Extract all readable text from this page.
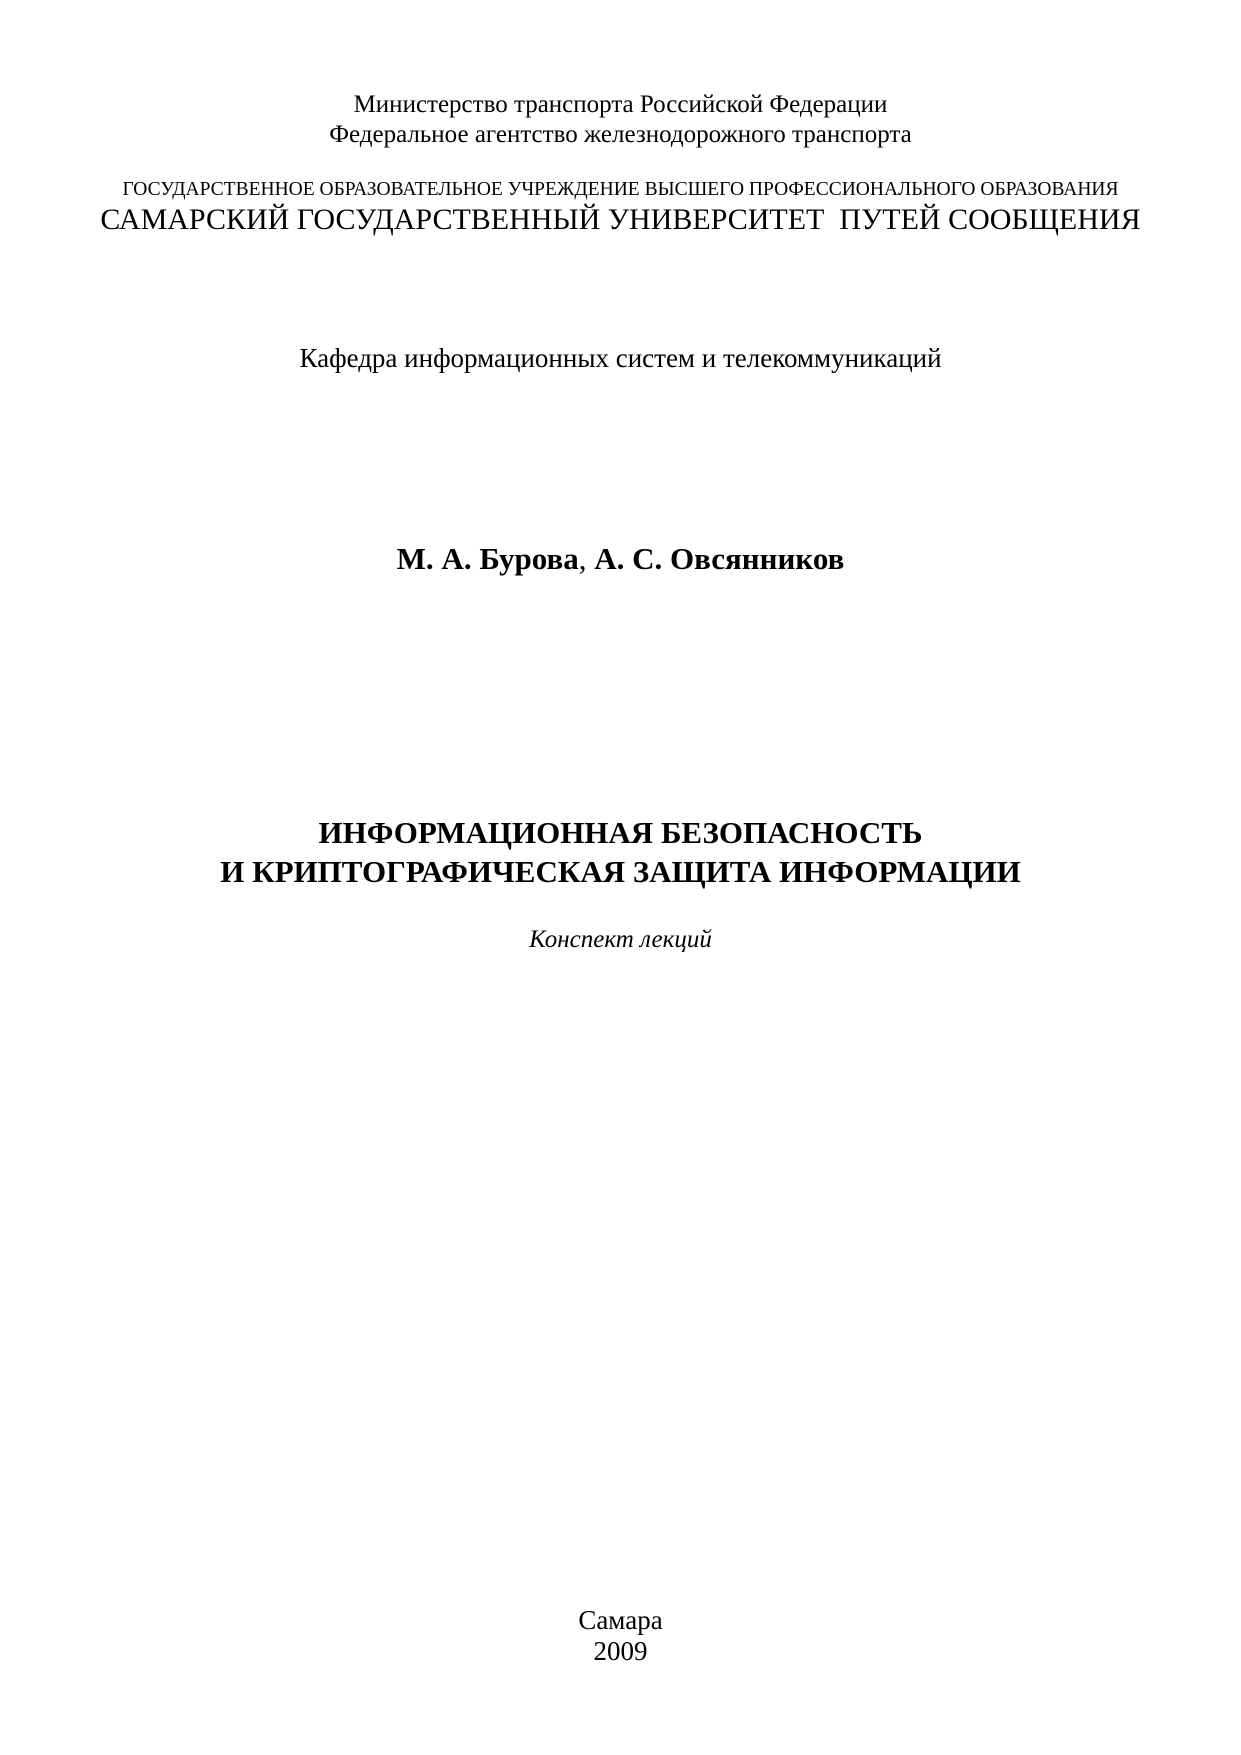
Министерство транспорта Российской Федерации
Федеральное агентство железнодорожного транспорта
ГОСУДАРСТВЕННОЕ ОБРАЗОВАТЕЛЬНОЕ УЧРЕЖДЕНИЕ ВЫСШЕГО ПРОФЕССИОНАЛЬНОГО ОБРАЗОВАНИЯ
САМАРСКИЙ ГОСУДАРСТВЕННЫЙ УНИВЕРСИТЕТ  ПУТЕЙ СООБЩЕНИЯ
Кафедра информационных систем и телекоммуникаций
М. А. Бурова, А. С. Овсянников
ИНФОРМАЦИОННАЯ БЕЗОПАСНОСТЬ
И КРИПТОГРАФИЧЕСКАЯ ЗАЩИТА ИНФОРМАЦИИ
Конспект лекций
Самара
2009
